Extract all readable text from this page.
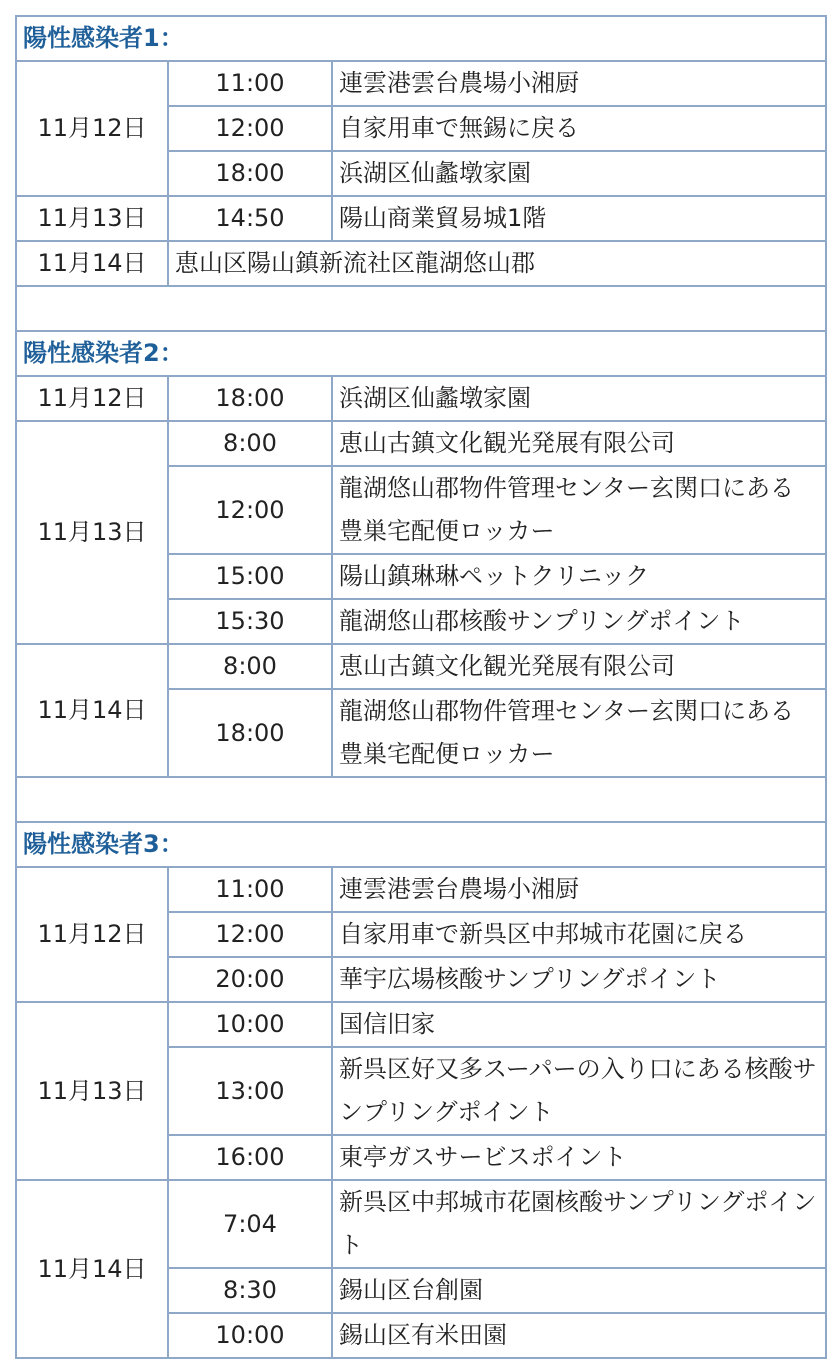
陽性感染者1：		
11月12日	11:00	連雲港雲台農場小湘厨
	12:00	自家用車で無錫に戻る
	18:00	浜湖区仙蠡墩家園
11月13日	14:50	陽山商業貿易城1階
11月14日	恵山区陽山鎮新流社区龍湖悠山郡	

陽性感染者2：		
11月12日	18:00	浜湖区仙蠡墩家園
11月13日	8:00	恵山古鎮文化観光発展有限公司
	12:00	龍湖悠山郡物件管理センター玄関口にある豊巣宅配便ロッカー
	15:00	陽山鎮琳琳ペットクリニック
	15:30	龍湖悠山郡核酸サンプリングポイント
11月14日	8:00	恵山古鎮文化観光発展有限公司
	18:00	龍湖悠山郡物件管理センター玄関口にある豊巣宅配便ロッカー

陽性感染者3：		
11月12日	11:00	連雲港雲台農場小湘厨
	12:00	自家用車で新呉区中邦城市花園に戻る
	20:00	華宇広場核酸サンプリングポイント
11月13日	10:00	国信旧家
	13:00	新呉区好又多スーパーの入り口にある核酸サンプリングポイント
	16:00	東亭ガスサービスポイント
11月14日	7:04	新呉区中邦城市花園核酸サンプリングポイント
	8:30	錫山区台創園
	10:00	錫山区有米田園
